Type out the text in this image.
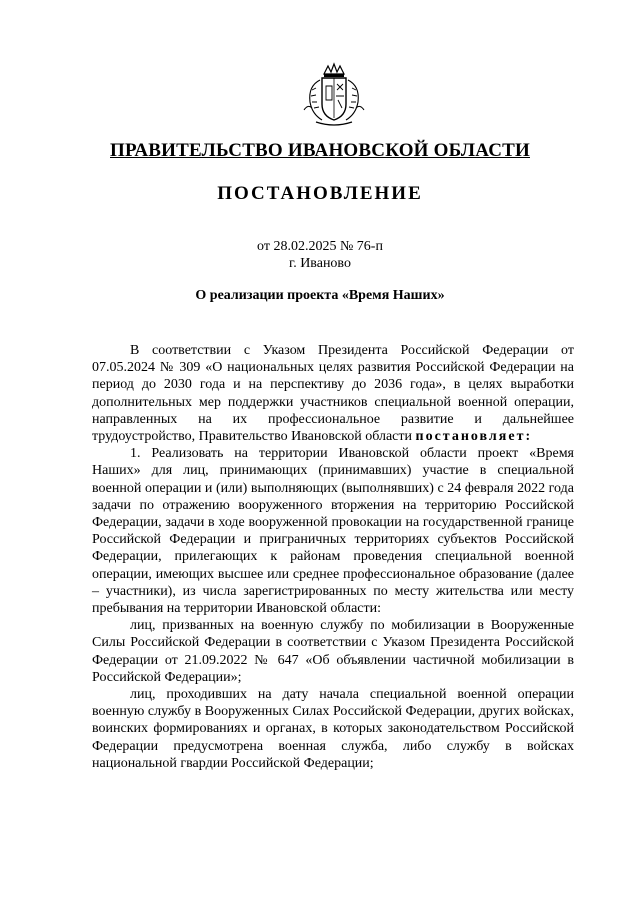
ПРАВИТЕЛЬСТВО ИВАНОВСКОЙ ОБЛАСТИ
ПОСТАНОВЛЕНИЕ
от 28.02.2025 № 76-п
г. Иваново
О реализации проекта «Время Наших»

В соответствии с Указом Президента Российской Федерации от 07.05.2024 № 309 «О национальных целях развития Российской Федерации на период до 2030 года и на перспективу до 2036 года», в целях выработки дополнительных мер поддержки участников специальной военной операции, направленных на их профессиональное развитие и дальнейшее трудоустройство, Правительство Ивановской области постановляет:

1. Реализовать на территории Ивановской области проект «Время Наших» для лиц, принимающих (принимавших) участие в специальной военной операции и (или) выполняющих (выполнявших) с 24 февраля 2022 года задачи по отражению вооруженного вторжения на территорию Российской Федерации, задачи в ходе вооруженной провокации на государственной границе Российской Федерации и приграничных территориях субъектов Российской Федерации, прилегающих к районам проведения специальной военной операции, имеющих высшее или среднее профессиональное образование (далее – участники), из числа зарегистрированных по месту жительства или месту пребывания на территории Ивановской области:

лиц, призванных на военную службу по мобилизации в Вооруженные Силы Российской Федерации в соответствии с Указом Президента Российской Федерации от 21.09.2022 № 647 «Об объявлении частичной мобилизации в Российской Федерации»;

лиц, проходивших на дату начала специальной военной операции военную службу в Вооруженных Силах Российской Федерации, других войсках, воинских формированиях и органах, в которых законодательством Российской Федерации предусмотрена военная служба, либо службу в войсках национальной гвардии Российской Федерации;
